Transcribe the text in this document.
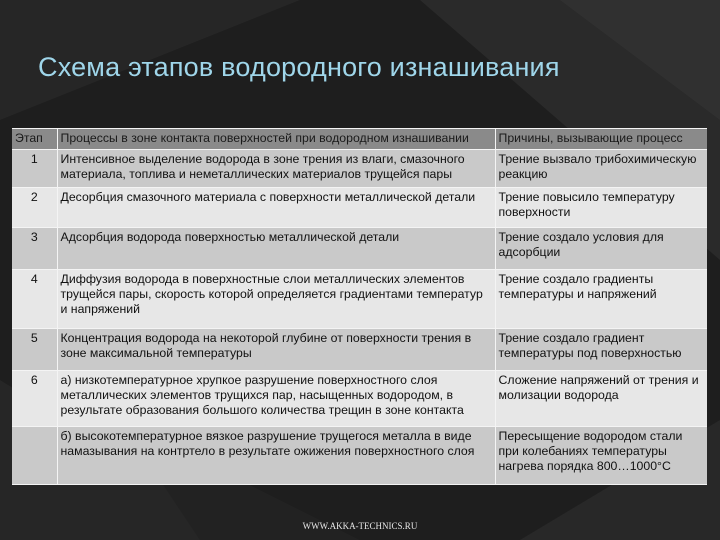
Схема этапов водородного изнашивания
Этап	Процессы в зоне контакта поверхностей при водородном изнашивании	Причины, вызывающие процесс
1	Интенсивное выделение водорода в зоне трения из влаги, смазочного материала, топлива и неметаллических материалов трущейся пары	Трение вызвало трибохимическую реакцию
2	Десорбция смазочного материала с поверхности металлической детали	Трение повысило температуру поверхности
3	Адсорбция водорода поверхностью металлической детали	Трение создало условия для адсорбции
4	Диффузия водорода в поверхностные слои металлических элементов трущейся пары, скорость которой определяется градиентами температур и напряжений	Трение создало градиенты температуры и напряжений
5	Концентрация водорода на некоторой глубине от поверхности трения в зоне максимальной температуры	Трение создало градиент температуры под поверхностью
6	а) низкотемпературное хрупкое разрушение поверхностного слоя металлических элементов трущихся пар, насыщенных водородом, в результате образования большого количества трещин в зоне контакта	Сложение напряжений от трения и молизации водорода
	б) высокотемпературное вязкое разрушение трущегося металла в виде намазывания на контртело в результате ожижения поверхностного слоя	Пересыщение водородом стали при колебаниях температуры нагрева порядка 800…1000°С
WWW.AKKA-TECHNICS.RU
